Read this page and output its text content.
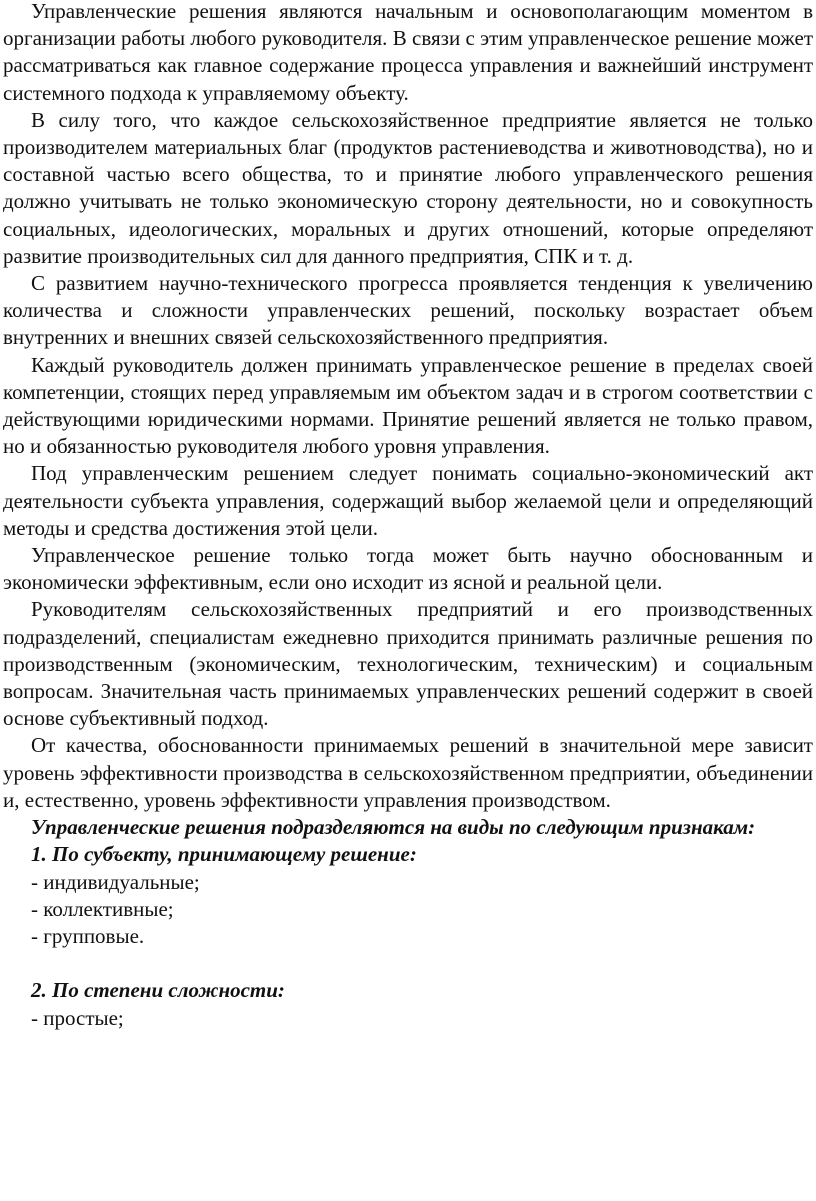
Управленческие решения являются начальным и основополагающим моментом в организации работы любого руководителя. В связи с этим управленческое решение может рассматриваться как главное содержание процесса управления и важнейший инструмент системного подхода к управляемому объекту.

В силу того, что каждое сельскохозяйственное предприятие является не только производителем материальных благ (продуктов растениеводства и животноводства), но и составной частью всего общества, то и принятие любого управленческого решения должно учитывать не только экономическую сторону деятельности, но и совокупность социальных, идеологических, моральных и других отношений, которые определяют развитие производительных сил для данного предприятия, СПК и т. д.

С развитием научно-технического прогресса проявляется тенденция к увеличению количества и сложности управленческих решений, поскольку возрастает объем внутренних и внешних связей сельскохозяйственного предприятия.

Каждый руководитель должен принимать управленческое решение в пределах своей компетенции, стоящих перед управляемым им объектом задач и в строгом соответствии с действующими юридическими нормами. Принятие решений является не только правом, но и обязанностью руководителя любого уровня управления.

Под управленческим решением следует понимать социально-экономический акт деятельности субъекта управления, содержащий выбор желаемой цели и определяющий методы и средства достижения этой цели.

Управленческое решение только тогда может быть научно обоснованным и экономически эффективным, если оно исходит из ясной и реальной цели.

Руководителям сельскохозяйственных предприятий и его производственных подразделений, специалистам ежедневно приходится принимать различные решения по производственным (экономическим, технологическим, техническим) и социальным вопросам. Значительная часть принимаемых управленческих решений содержит в своей основе субъективный подход.

От качества, обоснованности принимаемых решений в значительной мере зависит уровень эффективности производства в сельскохозяйственном предприятии, объединении и, естественно, уровень эффективности управления производством.

Управленческие решения подразделяются на виды по следующим признакам:

1. По субъекту, принимающему решение:

- индивидуальные;

- коллективные;

- групповые.

2. По степени сложности:

- простые;
